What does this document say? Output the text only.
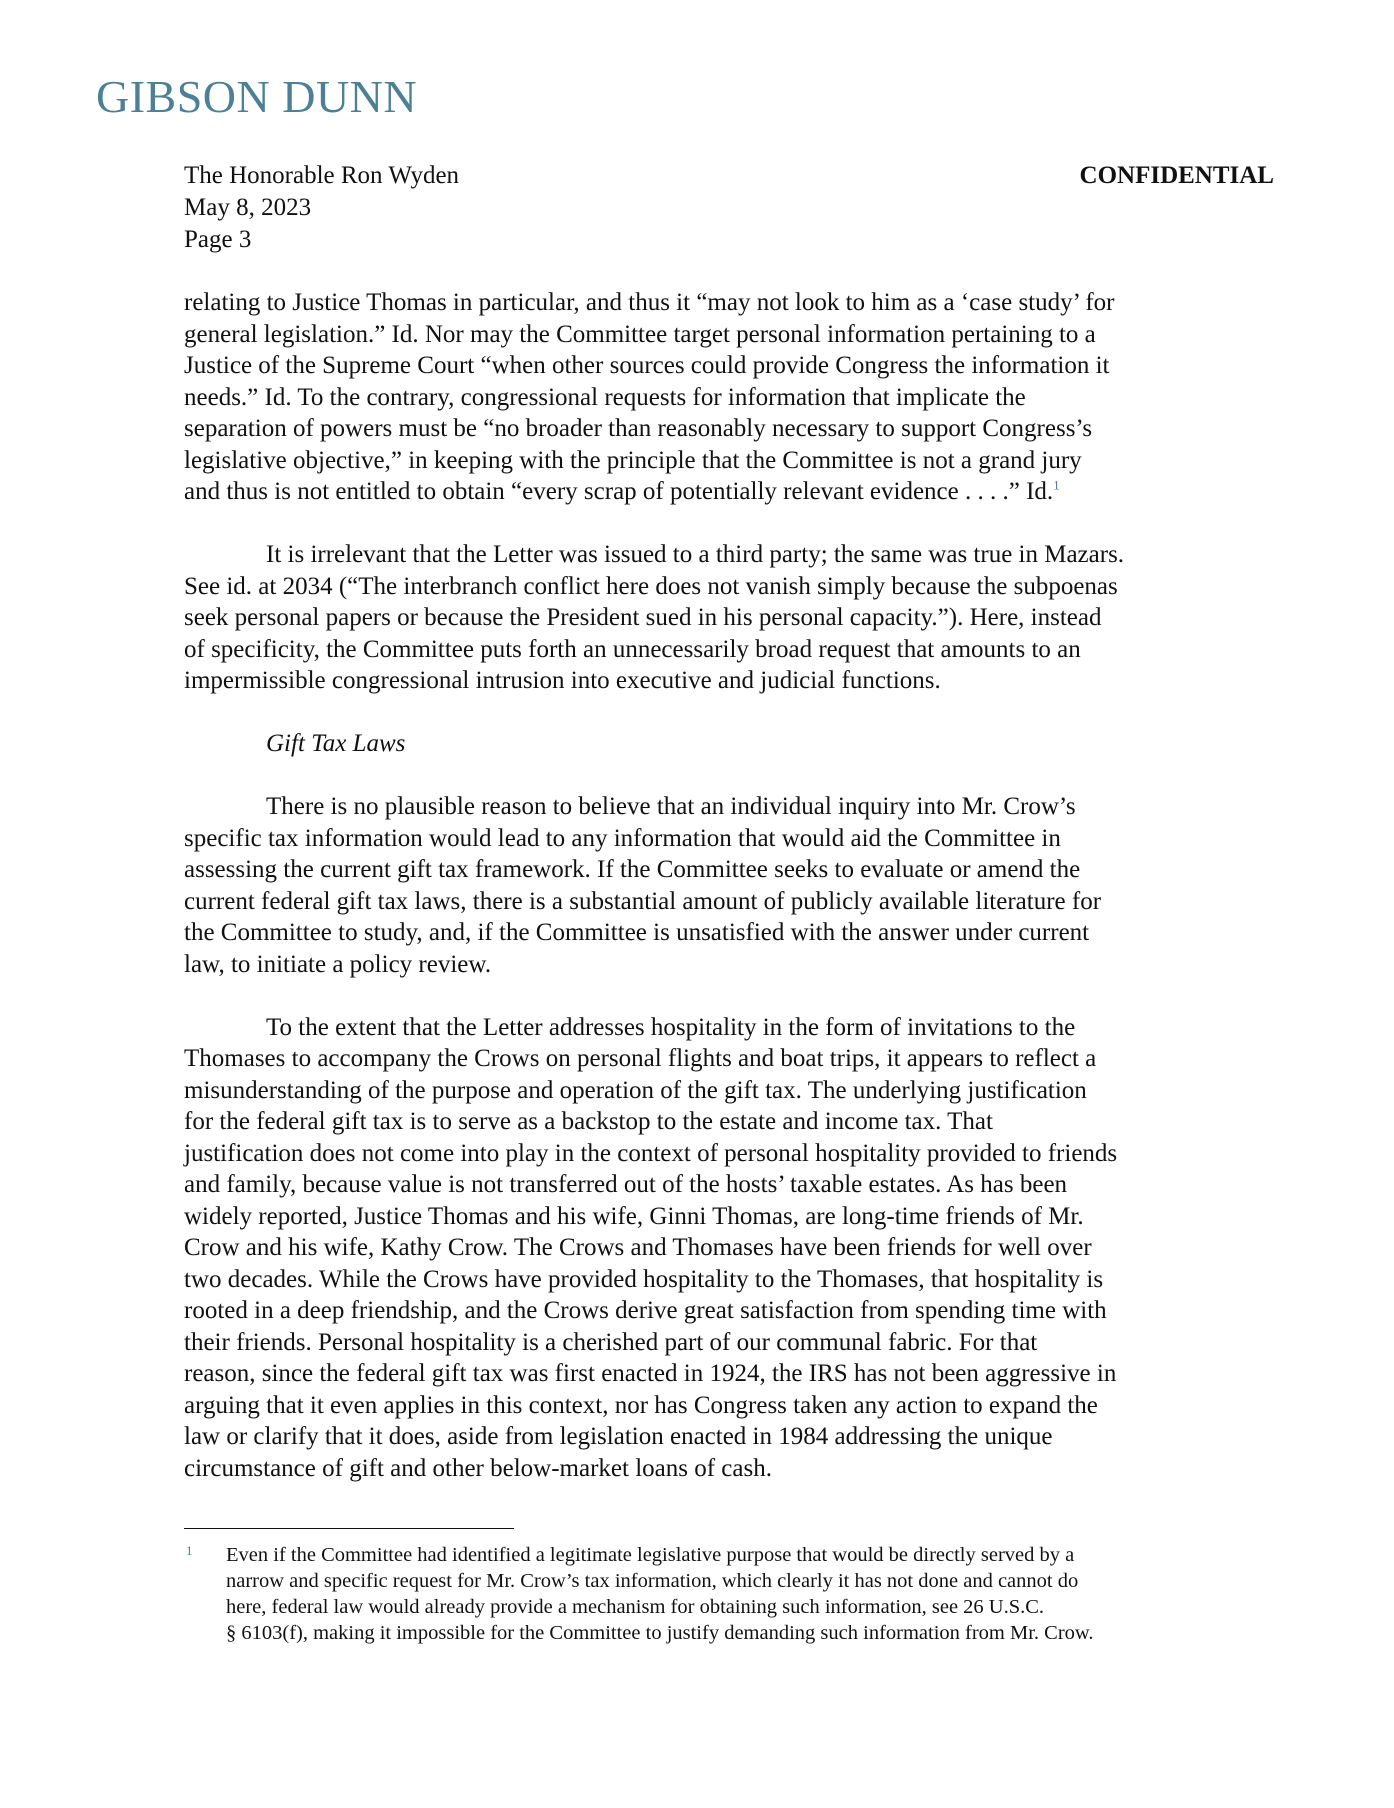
GIBSON DUNN
The Honorable Ron Wyden
May 8, 2023
Page 3
CONFIDENTIAL
relating to Justice Thomas in particular, and thus it “may not look to him as a ‘case study’ for
general legislation.” Id. Nor may the Committee target personal information pertaining to a
Justice of the Supreme Court “when other sources could provide Congress the information it
needs.” Id. To the contrary, congressional requests for information that implicate the
separation of powers must be “no broader than reasonably necessary to support Congress’s
legislative objective,” in keeping with the principle that the Committee is not a grand jury
and thus is not entitled to obtain “every scrap of potentially relevant evidence . . . .” Id.$^1$
It is irrelevant that the Letter was issued to a third party; the same was true in Mazars.
See id. at 2034 (“The interbranch conflict here does not vanish simply because the subpoenas
seek personal papers or because the President sued in his personal capacity.”). Here, instead
of specificity, the Committee puts forth an unnecessarily broad request that amounts to an
impermissible congressional intrusion into executive and judicial functions.
Gift Tax Laws
There is no plausible reason to believe that an individual inquiry into Mr. Crow’s
specific tax information would lead to any information that would aid the Committee in
assessing the current gift tax framework. If the Committee seeks to evaluate or amend the
current federal gift tax laws, there is a substantial amount of publicly available literature for
the Committee to study, and, if the Committee is unsatisfied with the answer under current
law, to initiate a policy review.
To the extent that the Letter addresses hospitality in the form of invitations to the
Thomases to accompany the Crows on personal flights and boat trips, it appears to reflect a
misunderstanding of the purpose and operation of the gift tax. The underlying justification
for the federal gift tax is to serve as a backstop to the estate and income tax. That
justification does not come into play in the context of personal hospitality provided to friends
and family, because value is not transferred out of the hosts’ taxable estates. As has been
widely reported, Justice Thomas and his wife, Ginni Thomas, are long-time friends of Mr.
Crow and his wife, Kathy Crow. The Crows and Thomases have been friends for well over
two decades. While the Crows have provided hospitality to the Thomases, that hospitality is
rooted in a deep friendship, and the Crows derive great satisfaction from spending time with
their friends. Personal hospitality is a cherished part of our communal fabric. For that
reason, since the federal gift tax was first enacted in 1924, the IRS has not been aggressive in
arguing that it even applies in this context, nor has Congress taken any action to expand the
law or clarify that it does, aside from legislation enacted in 1984 addressing the unique
circumstance of gift and other below-market loans of cash.
1 Even if the Committee had identified a legitimate legislative purpose that would be directly served by a
narrow and specific request for Mr. Crow’s tax information, which clearly it has not done and cannot do
here, federal law would already provide a mechanism for obtaining such information, see 26 U.S.C.
§ 6103(f), making it impossible for the Committee to justify demanding such information from Mr. Crow.
